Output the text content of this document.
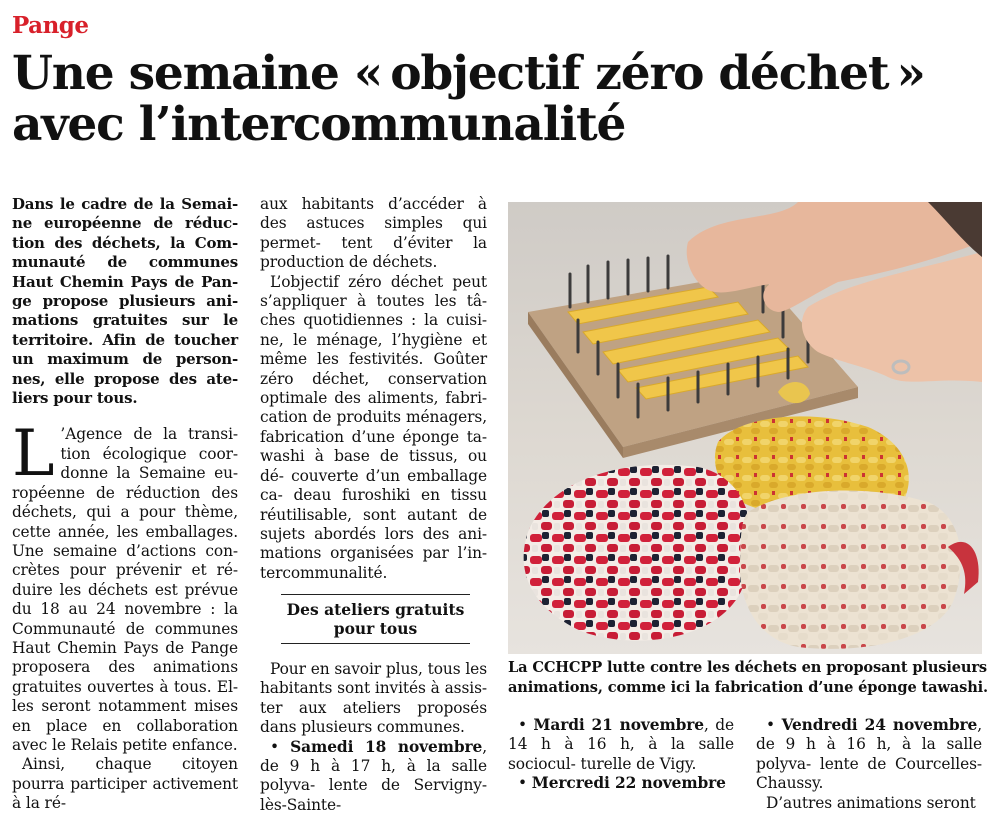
Pange
Une semaine « objectif zéro déchet »
avec l’intercommunalité
Dans le cadre de la Semai- ne européenne de réduc- tion des déchets, la Com- munauté de communes Haut Chemin Pays de Pan- ge propose plusieurs ani- mations gratuites sur le territoire. Afin de toucher un maximum de person- nes, elle propose des ate- liers pour tous.

L ’Agence de la transi- tion écologique coor- donne la Semaine eu- ropéenne de réduction des déchets, qui a pour thème, cette année, les emballages. Une semaine d’actions con- crètes pour prévenir et ré- duire les déchets est prévue du 18 au 24 novembre : la Communauté de communes Haut Chemin Pays de Pange proposera des animations gratuites ouvertes à tous. El- les seront notamment mises en place en collaboration avec le Relais petite enfance.

Ainsi, chaque citoyen pourra participer activement à la ré-

aux habitants d’accéder à des astuces simples qui permet- tent d’éviter la production de déchets.

L’objectif zéro déchet peut s’appliquer à toutes les tâ- ches quotidiennes : la cuisi- ne, le ménage, l’hygiène et même les festivités. Goûter zéro déchet, conservation optimale des aliments, fabri- cation de produits ménagers, fabrication d’une éponge ta- washi à base de tissus, ou dé- couverte d’un emballage ca- deau furoshiki en tissu réutilisable, sont autant de sujets abordés lors des ani- mations organisées par l’in- tercommunalité.

Des ateliers gratuits
pour tous

Pour en savoir plus, tous les habitants sont invités à assis- ter aux ateliers proposés dans plusieurs communes.

• Samedi 18 novembre, de 9 h à 17 h, à la salle polyva- lente de Servigny-lès-Sainte-

La CCHCPP lutte contre les déchets en proposant plusieurs animations, comme ici la fabrication d’une éponge tawashi.

• Mardi 21 novembre, de 14 h à 16 h, à la salle sociocul- turelle de Vigy.

• Mercredi 22 novembre

• Vendredi 24 novembre, de 9 h à 16 h, à la salle polyva- lente de Courcelles-Chaussy.

D’autres animations seront
